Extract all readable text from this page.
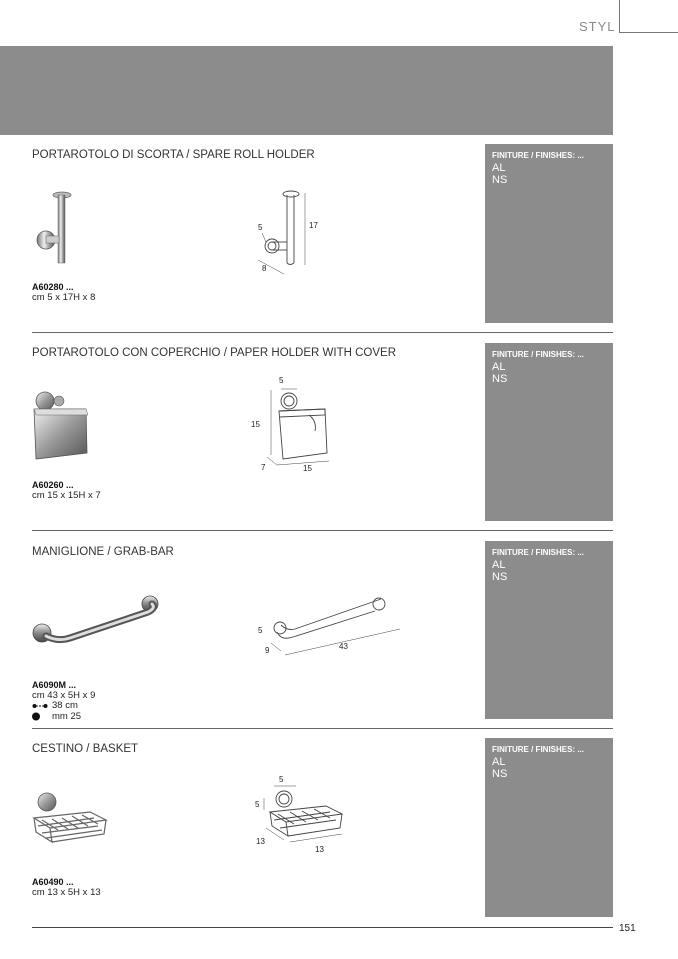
STYL
PORTAROTOLO DI SCORTA / SPARE ROLL HOLDER
5	17
8
A60280 ...
cm 5 x 17H x 8
FINITURE / FINISHES: ...
AL
NS
PORTAROTOLO CON COPERCHIO / PAPER HOLDER WITH COVER
5
15
7	15
A60260 ...
cm 15 x 15H x 7
FINITURE / FINISHES: ...
AL
NS
MANIGLIONE / GRAB-BAR
5
9	43
A6090M ...
cm 43 x 5H x 9
38 cm
mm 25
FINITURE / FINISHES: ...
AL
NS
CESTINO / BASKET
5
5
13
13
A60490 ...
cm 13 x 5H x 13
FINITURE / FINISHES: ...
AL
NS
151
